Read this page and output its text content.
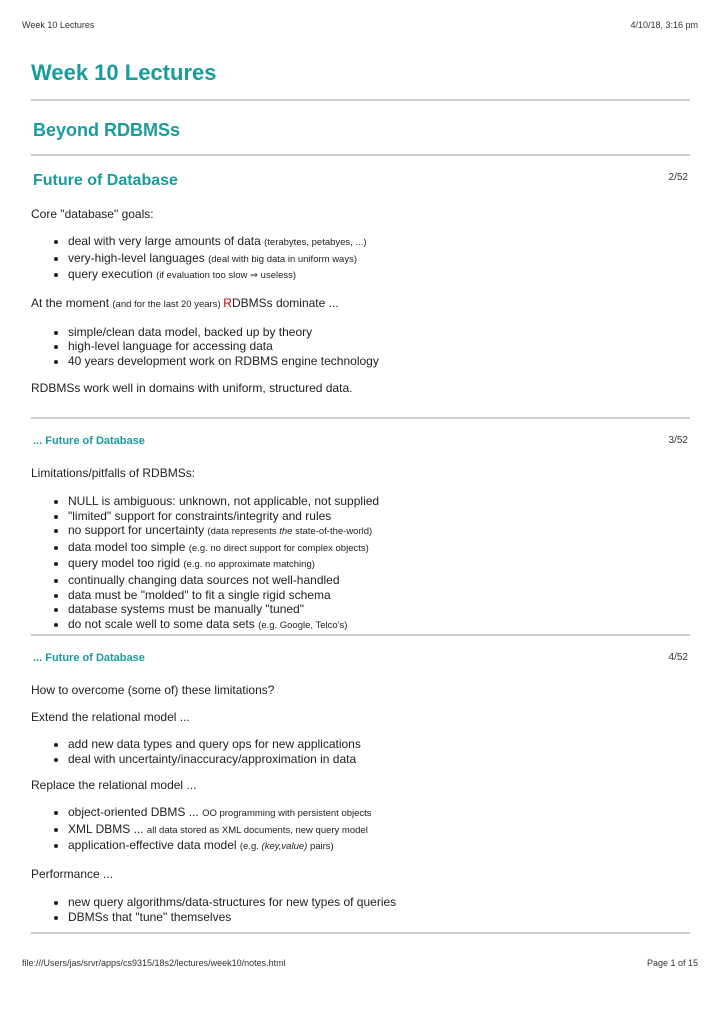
Week 10 Lectures	4/10/18, 3:16 pm
Week 10 Lectures
Beyond RDBMSs
Future of Database	2/52

Core "database" goals:

• deal with very large amounts of data (terabytes, petabyes, ...)
• very-high-level languages (deal with big data in uniform ways)
• query execution (if evaluation too slow ⇒ useless)

At the moment (and for the last 20 years) RDBMSs dominate ...

• simple/clean data model, backed up by theory
• high-level language for accessing data
• 40 years development work on RDBMS engine technology

RDBMSs work well in domains with uniform, structured data.

... Future of Database	3/52

Limitations/pitfalls of RDBMSs:

• NULL is ambiguous: unknown, not applicable, not supplied
• "limited" support for constraints/integrity and rules
• no support for uncertainty (data represents the state-of-the-world)
• data model too simple (e.g. no direct support for complex objects)
• query model too rigid (e.g. no approximate matching)
• continually changing data sources not well-handled
• data must be "molded" to fit a single rigid schema
• database systems must be manually "tuned"
• do not scale well to some data sets (e.g. Google, Telco's)
... Future of Database	4/52

How to overcome (some of) these limitations?

Extend the relational model ...

• add new data types and query ops for new applications
• deal with uncertainty/inaccuracy/approximation in data

Replace the relational model ...

• object-oriented DBMS ... OO programming with persistent objects
• XML DBMS ... all data stored as XML documents, new query model
• application-effective data model (e.g. (key,value) pairs)

Performance ...

• new query algorithms/data-structures for new types of queries
• DBMSs that "tune" themselves
file:///Users/jas/srvr/apps/cs9315/18s2/lectures/week10/notes.html	Page 1 of 15
